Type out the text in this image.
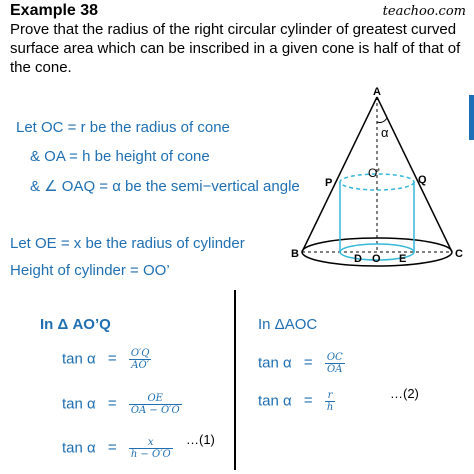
Example 38	teachoo.com
Prove that the radius of the right circular cylinder of greatest curved surface area which can be inscribed in a given cone is half of that of the cone.
Let OC = r be the radius of cone
& OA = h be height of cone
& ∠ OAQ = α be the semi−vertical angle
Let OE = x be the radius of cylinder
Height of cylinder = OO’
A
α
O’
P	Q
B	C
D O E
In Δ AO’Q
$\tan \alpha = \frac{O'Q}{AO'}$
$\tan \alpha = \frac{OE}{OA - O'O}$
$\tan \alpha = \frac{x}{h - O'O}$ …(1)
In ΔAOC
$\tan \alpha = \frac{OC}{OA}$
$\tan \alpha = \frac{r}{h}$	…(2)
